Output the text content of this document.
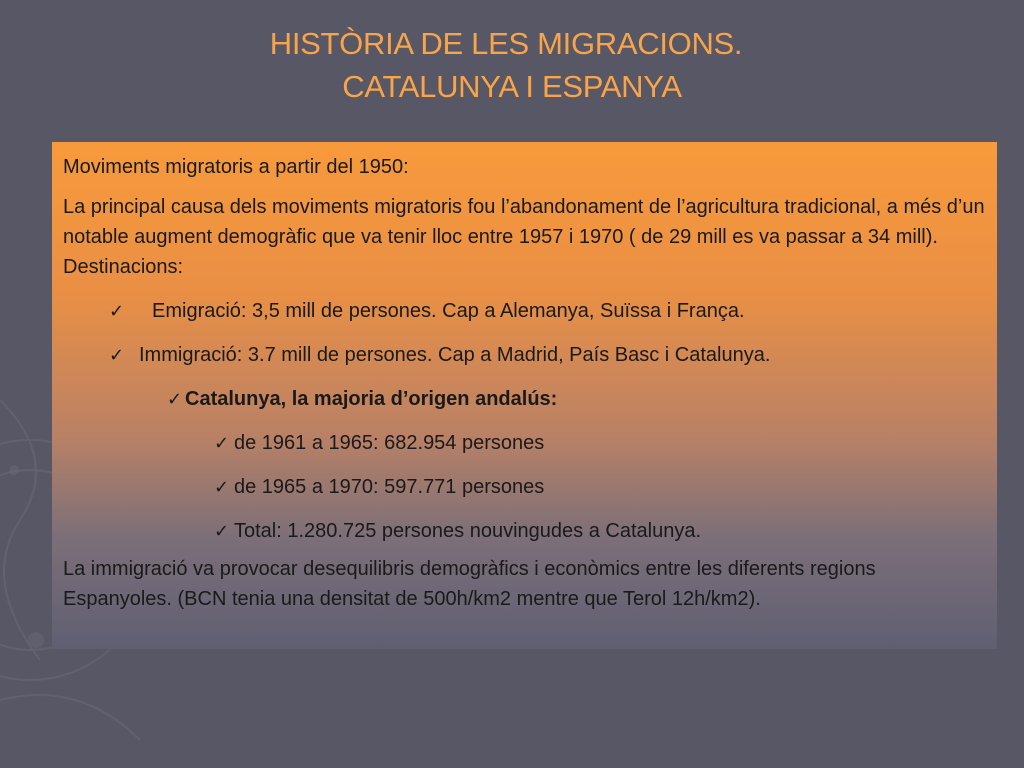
HISTÒRIA DE LES MIGRACIONS.
CATALUNYA I ESPANYA

Moviments migratoris a partir del 1950:

La principal causa dels moviments migratoris fou l’abandonament de l’agricultura tradicional, a més d’un notable augment demogràfic que va tenir lloc entre 1957 i 1970 ( de 29 mill es va passar a 34 mill). Destinacions:

✓	Emigració: 3,5 mill de persones. Cap a Alemanya, Suïssa i França.
✓ Immigració: 3.7 mill de persones. Cap a Madrid, País Basc i Catalunya.
✓ Catalunya, la majoria d’origen andalús:
✓ de 1961 a 1965: 682.954 persones
✓ de 1965 a 1970: 597.771 persones
✓ Total: 1.280.725 persones nouvingudes a Catalunya.

La immigració va provocar desequilibris demogràfics i econòmics entre les diferents regions Espanyoles. (BCN tenia una densitat de 500h/km2 mentre que Terol 12h/km2).
